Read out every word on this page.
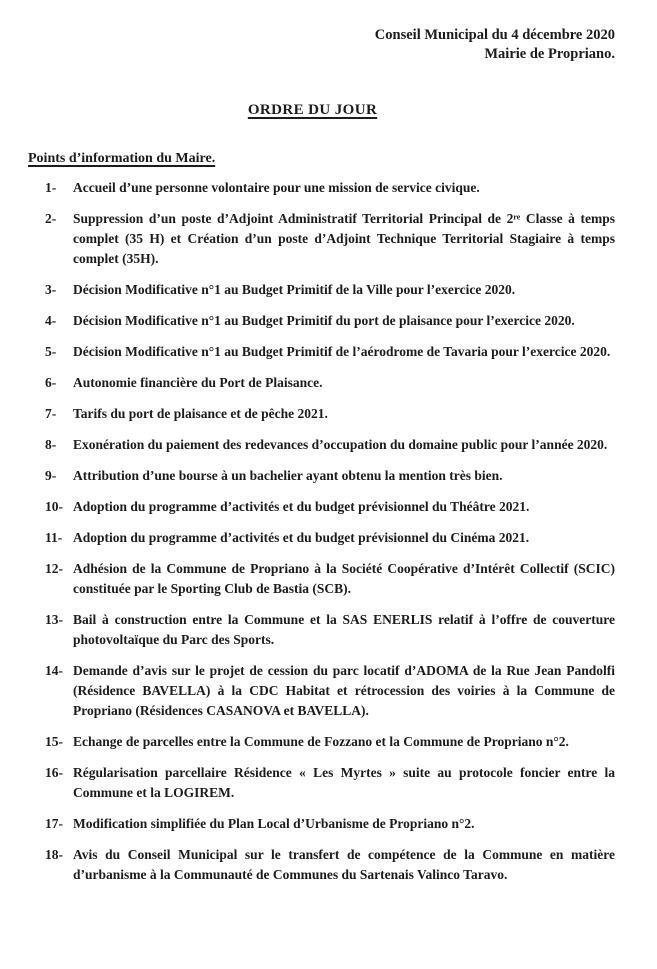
Conseil Municipal du 4 décembre 2020
Mairie de Propriano.
ORDRE DU JOUR
Points d’information du Maire.
1-	Accueil d’une personne volontaire pour une mission de service civique.
2-	Suppression d’un poste d’Adjoint Administratif Territorial Principal de 2ʳᵉ Classe à temps complet (35 H) et Création d’un poste d’Adjoint Technique Territorial Stagiaire à temps complet (35H).
3-	Décision Modificative n°1 au Budget Primitif de la Ville pour l’exercice 2020.
4-	Décision Modificative n°1 au Budget Primitif du port de plaisance pour l’exercice 2020.
5-	Décision Modificative n°1 au Budget Primitif de l’aérodrome de Tavaria pour l’exercice 2020.
6-	Autonomie financière du Port de Plaisance.
7-	Tarifs du port de plaisance et de pêche 2021.
8-	Exonération du paiement des redevances d’occupation du domaine public pour l’année 2020.
9-	Attribution d’une bourse à un bachelier ayant obtenu la mention très bien.
10- Adoption du programme d’activités et du budget prévisionnel du Théâtre 2021.
11- Adoption du programme d’activités et du budget prévisionnel du Cinéma 2021.
12- Adhésion de la Commune de Propriano à la Société Coopérative d’Intérêt Collectif (SCIC) constituée par le Sporting Club de Bastia (SCB).
13- Bail à construction entre la Commune et la SAS ENERLIS relatif à l’offre de couverture photovoltaïque du Parc des Sports.
14- Demande d’avis sur le projet de cession du parc locatif d’ADOMA de la Rue Jean Pandolfi (Résidence BAVELLA) à la CDC Habitat et rétrocession des voiries à la Commune de Propriano (Résidences CASANOVA et BAVELLA).
15- Echange de parcelles entre la Commune de Fozzano et la Commune de Propriano n°2.
16- Régularisation parcellaire Résidence « Les Myrtes » suite au protocole foncier entre la Commune et la LOGIREM.
17- Modification simplifiée du Plan Local d’Urbanisme de Propriano n°2.
18- Avis du Conseil Municipal sur le transfert de compétence de la Commune en matière d’urbanisme à la Communauté de Communes du Sartenais Valinco Taravo.
